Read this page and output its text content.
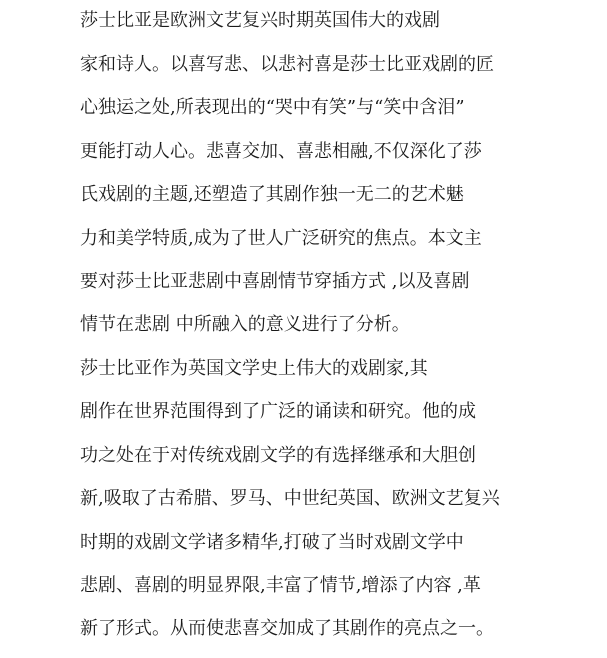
莎士比亚是欧洲文艺复兴时期英国伟大的戏剧

家和诗人。以喜写悲、以悲衬喜是莎士比亚戏剧的匠

心独运之处,所表现出的“哭中有笑”与“笑中含泪”

更能打动人心。悲喜交加、喜悲相融,不仅深化了莎

氏戏剧的主题,还塑造了其剧作独一无二的艺术魅

力和美学特质,成为了世人广泛研究的焦点。本文主

要对莎士比亚悲剧中喜剧情节穿插方式 ,以及喜剧

情节在悲剧 中所融入的意义进行了分析。

莎士比亚作为英国文学史上伟大的戏剧家,其

剧作在世界范围得到了广泛的诵读和研究。他的成

功之处在于对传统戏剧文学的有选择继承和大胆创

新,吸取了古希腊、罗马、中世纪英国、欧洲文艺复兴

时期的戏剧文学诸多精华,打破了当时戏剧文学中

悲剧、喜剧的明显界限,丰富了情节,增添了内容 ,革

新了形式。从而使悲喜交加成了其剧作的亮点之一。
